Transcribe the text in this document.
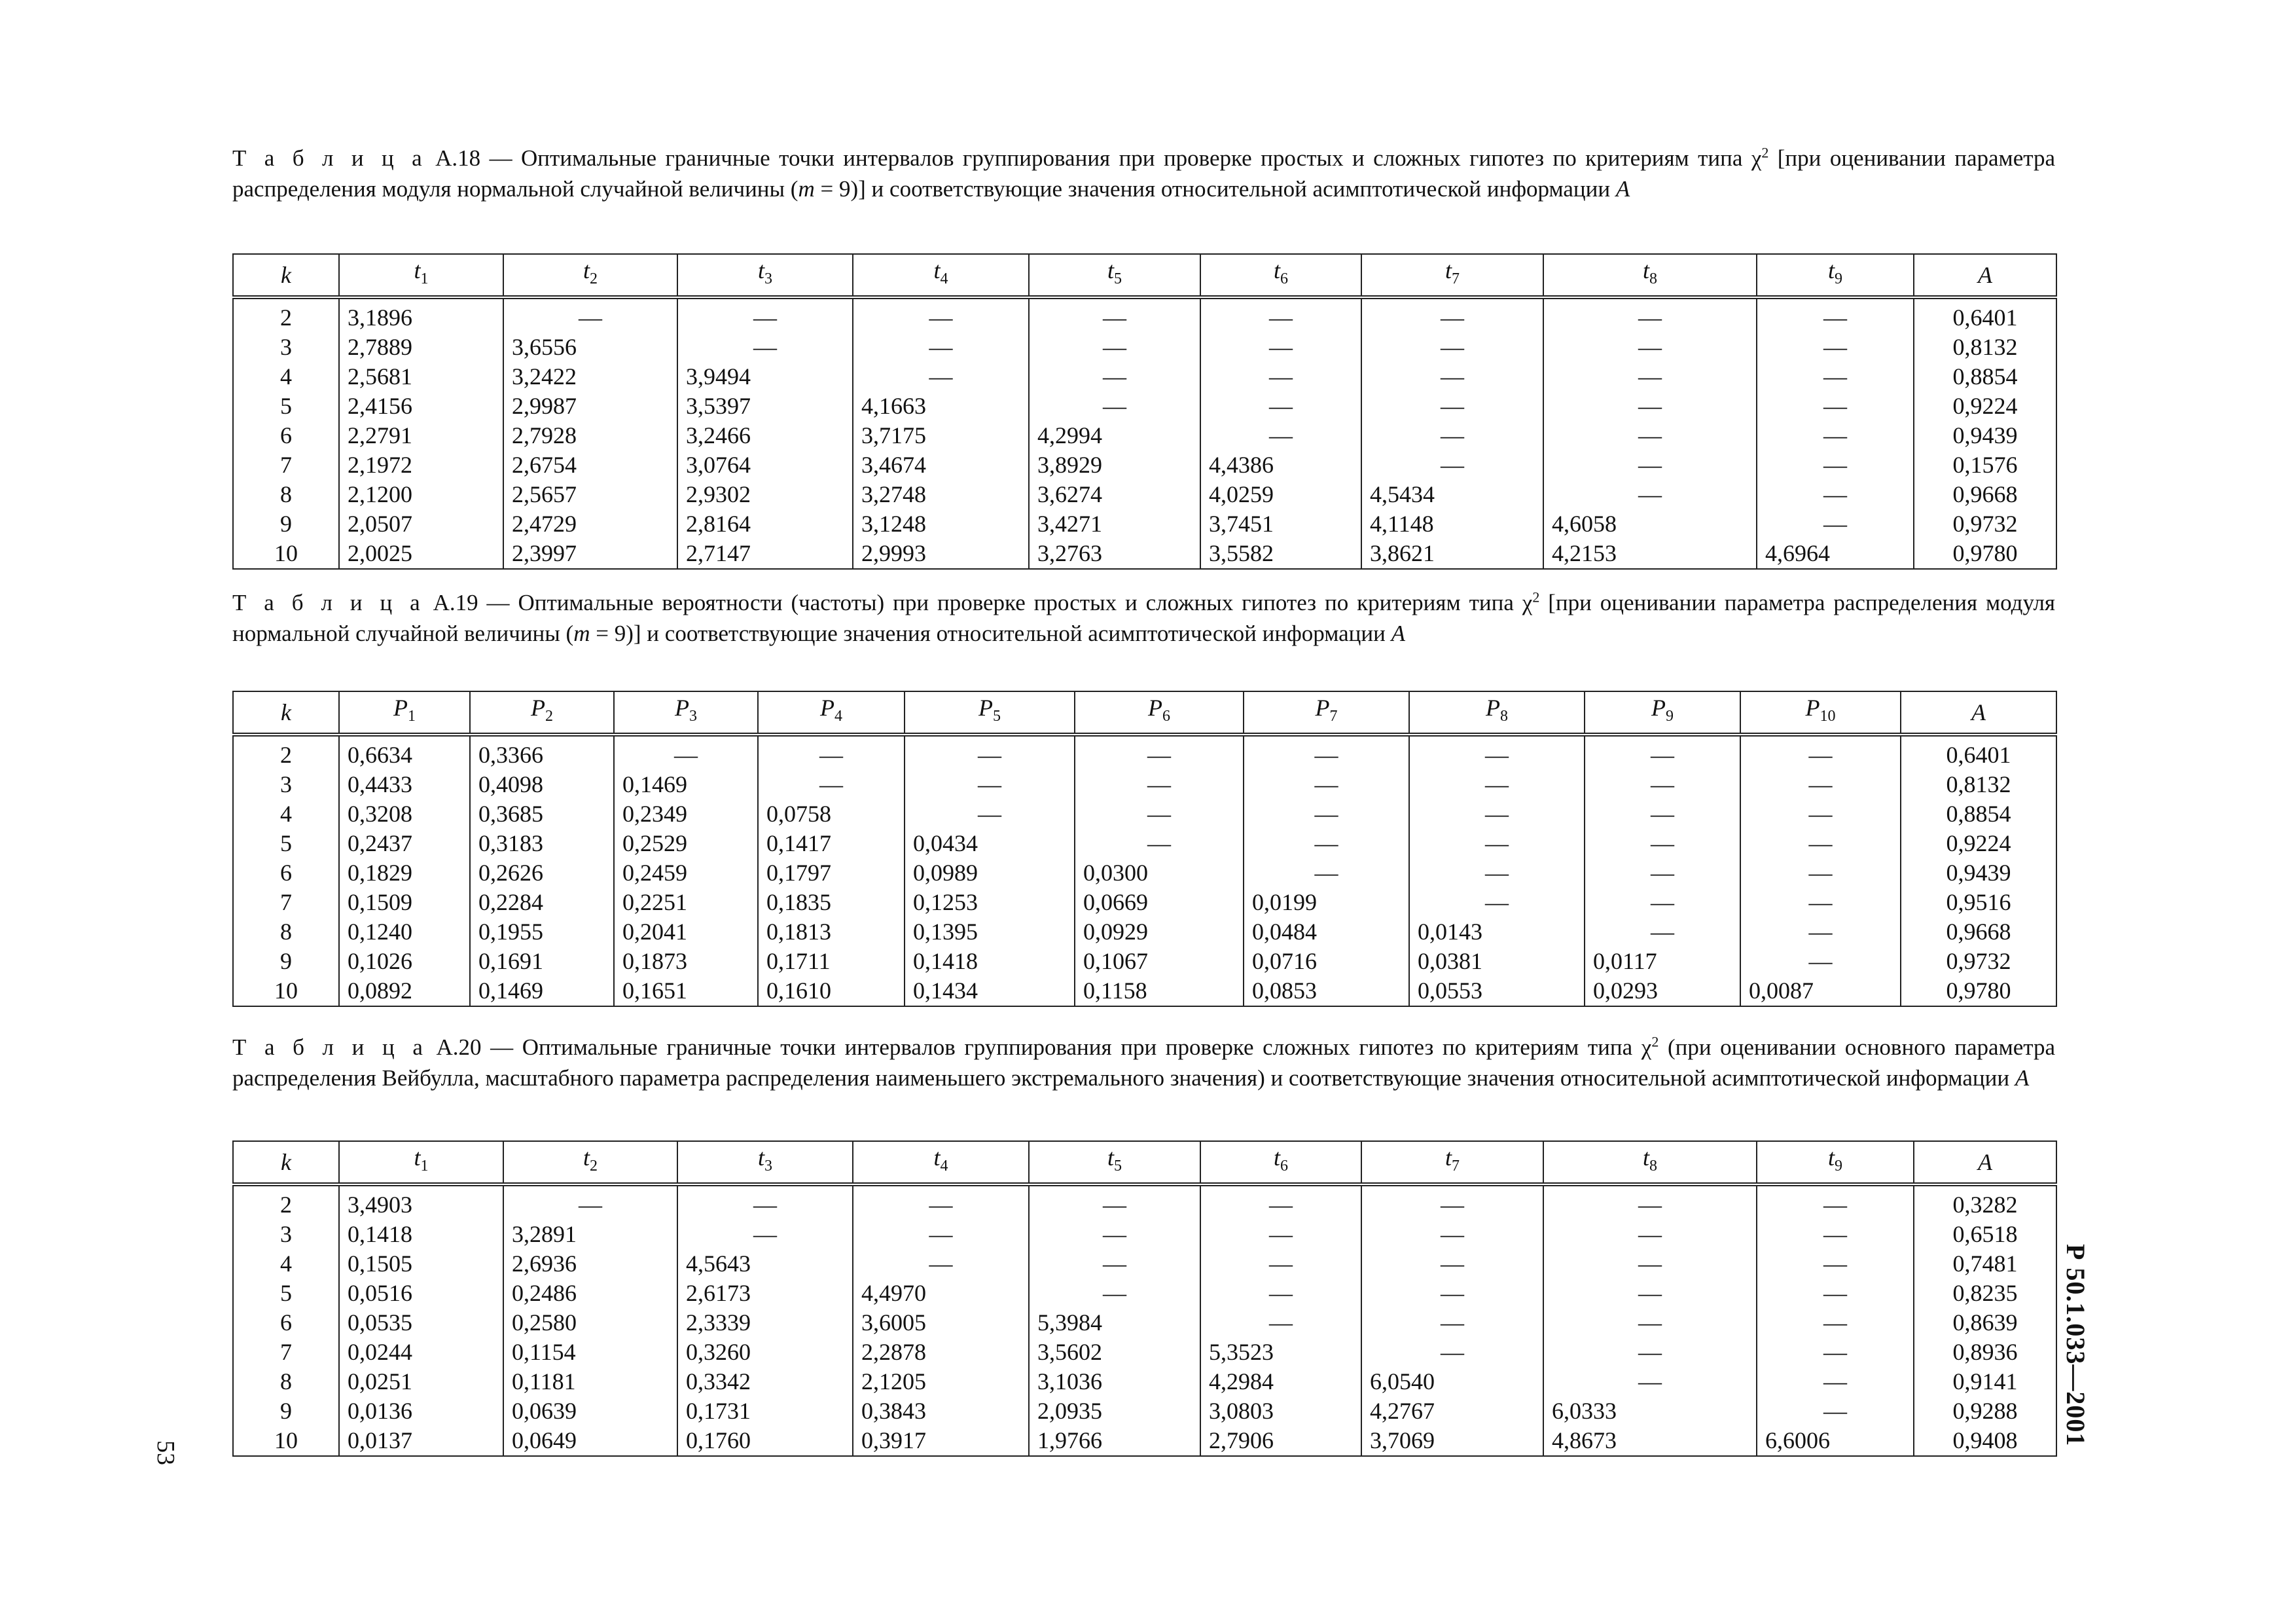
Т а б л и ц а А.18 — Оптимальные граничные точки интервалов группирования при проверке простых и сложных гипотез по критериям типа $\chi^2$ [при оценивании параметра распределения модуля нормальной случайной величины (m = 9)] и соответствующие значения относительной асимптотической информации A

k	$t_1$	$t_2$	$t_3$	$t_4$	$t_5$	$t_6$	$t_7$	$t_8$	$t_9$	A
2	3,1896	—	—	—	—	—	—	—	—	0,6401
3	2,7889	3,6556	—	—	—	—	—	—	—	0,8132
4	2,5681	3,2422	3,9494	—	—	—	—	—	—	0,8854
5	2,4156	2,9987	3,5397	4,1663	—	—	—	—	—	0,9224
6	2,2791	2,7928	3,2466	3,7175	4,2994	—	—	—	—	0,9439
7	2,1972	2,6754	3,0764	3,4674	3,8929	4,4386	—	—	—	0,1576
8	2,1200	2,5657	2,9302	3,2748	3,6274	4,0259	4,5434	—	—	0,9668
9	2,0507	2,4729	2,8164	3,1248	3,4271	3,7451	4,1148	4,6058	—	0,9732
10	2,0025	2,3997	2,7147	2,9993	3,2763	3,5582	3,8621	4,2153	4,6964	0,9780

Т а б л и ц а А.19 — Оптимальные вероятности (частоты) при проверке простых и сложных гипотез по критериям типа $\chi^2$ [при оценивании параметра распределения модуля нормальной случайной величины (m = 9)] и соответствующие значения относительной асимптотической информации A

k	$P_1$	$P_2$	$P_3$	$P_4$	$P_5$	$P_6$	$P_7$	$P_8$	$P_9$	$P_{10}$	A
2	0,6634	0,3366	—	—	—	—	—	—	—	—	0,6401
3	0,4433	0,4098	0,1469	—	—	—	—	—	—	—	0,8132
4	0,3208	0,3685	0,2349	0,0758	—	—	—	—	—	—	0,8854
5	0,2437	0,3183	0,2529	0,1417	0,0434	—	—	—	—	—	0,9224
6	0,1829	0,2626	0,2459	0,1797	0,0989	0,0300	—	—	—	—	0,9439
7	0,1509	0,2284	0,2251	0,1835	0,1253	0,0669	0,0199	—	—	—	0,9516
8	0,1240	0,1955	0,2041	0,1813	0,1395	0,0929	0,0484	0,0143	—	—	0,9668
9	0,1026	0,1691	0,1873	0,1711	0,1418	0,1067	0,0716	0,0381	0,0117	—	0,9732
10	0,0892	0,1469	0,1651	0,1610	0,1434	0,1158	0,0853	0,0553	0,0293	0,0087	0,9780

Т а б л и ц а А.20 — Оптимальные граничные точки интервалов группирования при проверке сложных гипотез по критериям типа $\chi^2$ (при оценивании основного параметра распределения Вейбулла, масштабного параметра распределения наименьшего экстремального значения) и соответствующие значения относительной асимптотической информации A

k	$t_1$	$t_2$	$t_3$	$t_4$	$t_5$	$t_6$	$t_7$	$t_8$	$t_9$	A
2	3,4903	—	—	—	—	—	—	—	—	0,3282
3	0,1418	3,2891	—	—	—	—	—	—	—	0,6518
4	0,1505	2,6936	4,5643	—	—	—	—	—	—	0,7481
5	0,0516	0,2486	2,6173	4,4970	—	—	—	—	—	0,8235
6	0,0535	0,2580	2,3339	3,6005	5,3984	—	—	—	—	0,8639
7	0,0244	0,1154	0,3260	2,2878	3,5602	5,3523	—	—	—	0,8936
8	0,0251	0,1181	0,3342	2,1205	3,1036	4,2984	6,0540	—	—	0,9141
9	0,0136	0,0639	0,1731	0,3843	2,0935	3,0803	4,2767	6,0333	—	0,9288
10	0,0137	0,0649	0,1760	0,3917	1,9766	2,7906	3,7069	4,8673	6,6006	0,9408	Р 50.1.033—2001
53
